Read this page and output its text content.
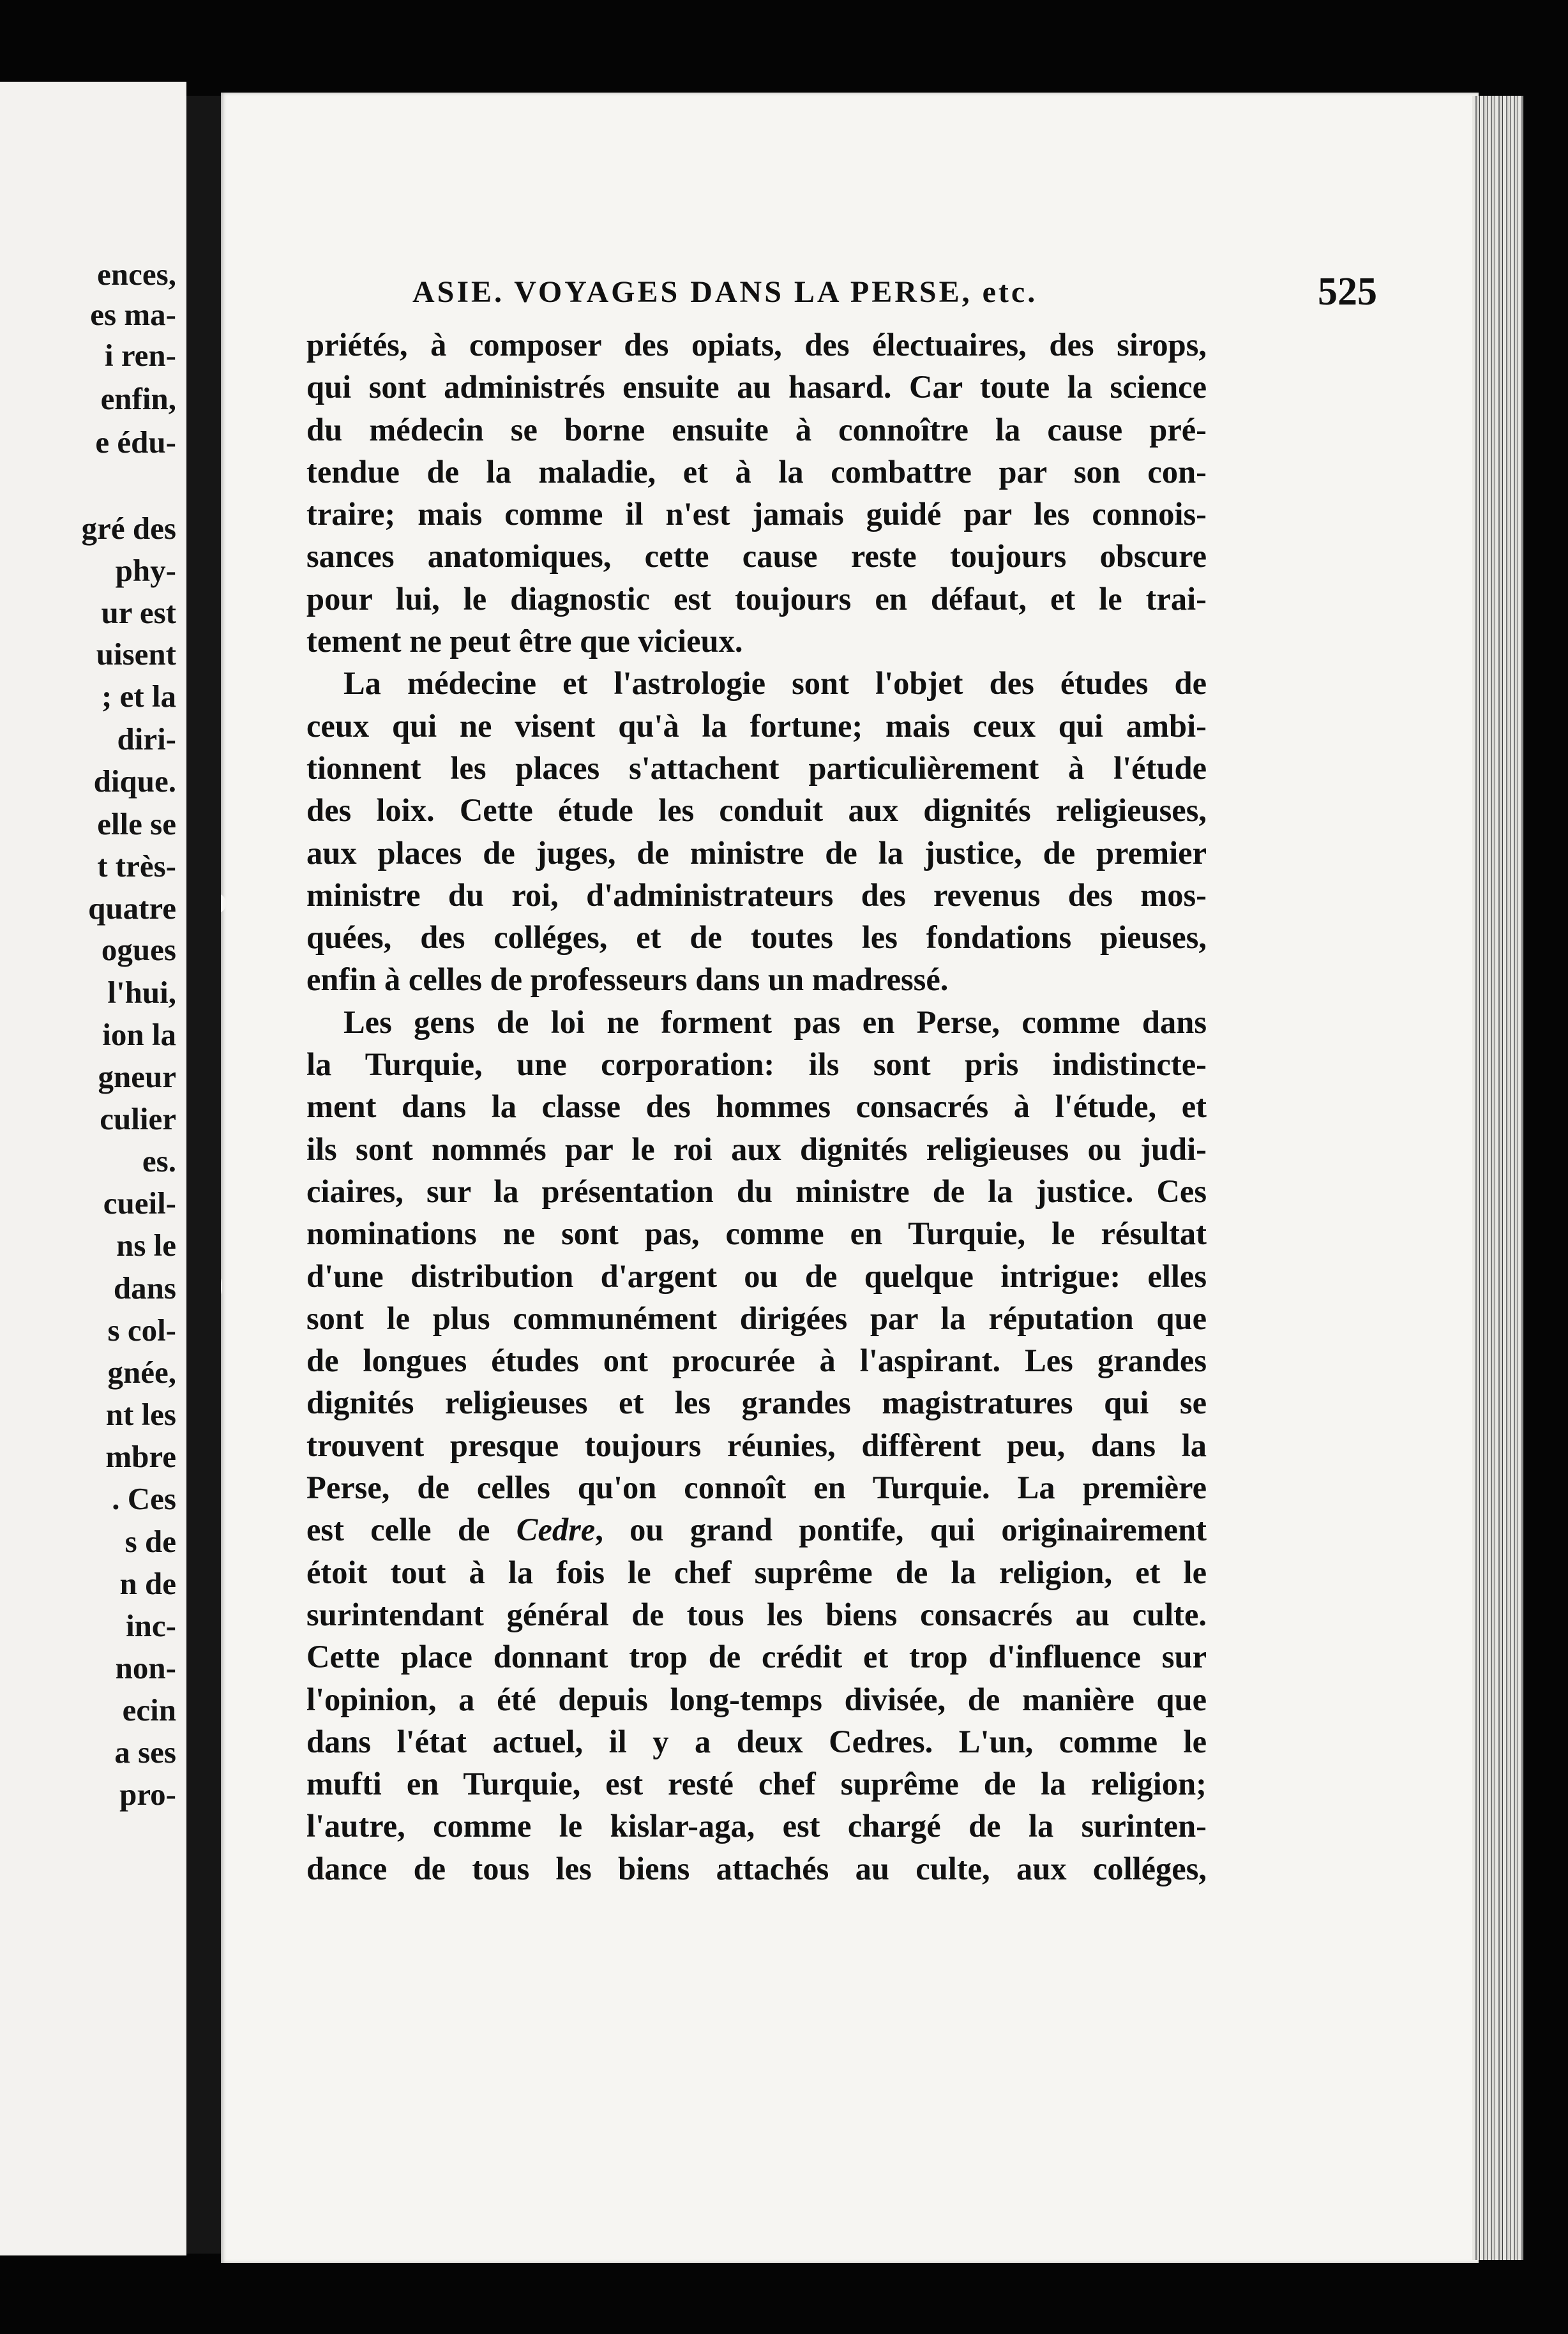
ences,
es ma-
i ren-
enfin,
e édu-
gré des
phy-
ur est
uisent
; et la
diri-
dique.
elle se
t très-
quatre
ogues
l'hui,
ion la
gneur
culier
es.
cueil-
ns le
dans
s col-
gnée,
nt les
mbre
. Ces
s de
n de
inc-
non-
ecin
a ses
pro-
ASIE. VOYAGES DANS LA PERSE, etc.	525
priétés, à composer des opiats, des électuaires, des sirops,
qui sont administrés ensuite au hasard. Car toute la science
du médecin se borne ensuite à connoître la cause pré-
tendue de la maladie, et à la combattre par son con-
traire; mais comme il n'est jamais guidé par les connois-
sances anatomiques, cette cause reste toujours obscure
pour lui, le diagnostic est toujours en défaut, et le trai-
tement ne peut être que vicieux.
La médecine et l'astrologie sont l'objet des études de
ceux qui ne visent qu'à la fortune; mais ceux qui ambi-
tionnent les places s'attachent particulièrement à l'étude
des loix. Cette étude les conduit aux dignités religieuses,
aux places de juges, de ministre de la justice, de premier
ministre du roi, d'administrateurs des revenus des mos-
quées, des colléges, et de toutes les fondations pieuses,
enfin à celles de professeurs dans un madressé.
Les gens de loi ne forment pas en Perse, comme dans
la Turquie, une corporation: ils sont pris indistincte-
ment dans la classe des hommes consacrés à l'étude, et
ils sont nommés par le roi aux dignités religieuses ou judi-
ciaires, sur la présentation du ministre de la justice. Ces
nominations ne sont pas, comme en Turquie, le résultat
d'une distribution d'argent ou de quelque intrigue: elles
sont le plus communément dirigées par la réputation que
de longues études ont procurée à l'aspirant. Les grandes
dignités religieuses et les grandes magistratures qui se
trouvent presque toujours réunies, diffèrent peu, dans la
Perse, de celles qu'on connoît en Turquie. La première
est celle de Cedre, ou grand pontife, qui originairement
étoit tout à la fois le chef suprême de la religion, et le
surintendant général de tous les biens consacrés au culte.
Cette place donnant trop de crédit et trop d'influence sur
l'opinion, a été depuis long-temps divisée, de manière que
dans l'état actuel, il y a deux Cedres. L'un, comme le
mufti en Turquie, est resté chef suprême de la religion;
l'autre, comme le kislar-aga, est chargé de la surinten-
dance de tous les biens attachés au culte, aux colléges,
